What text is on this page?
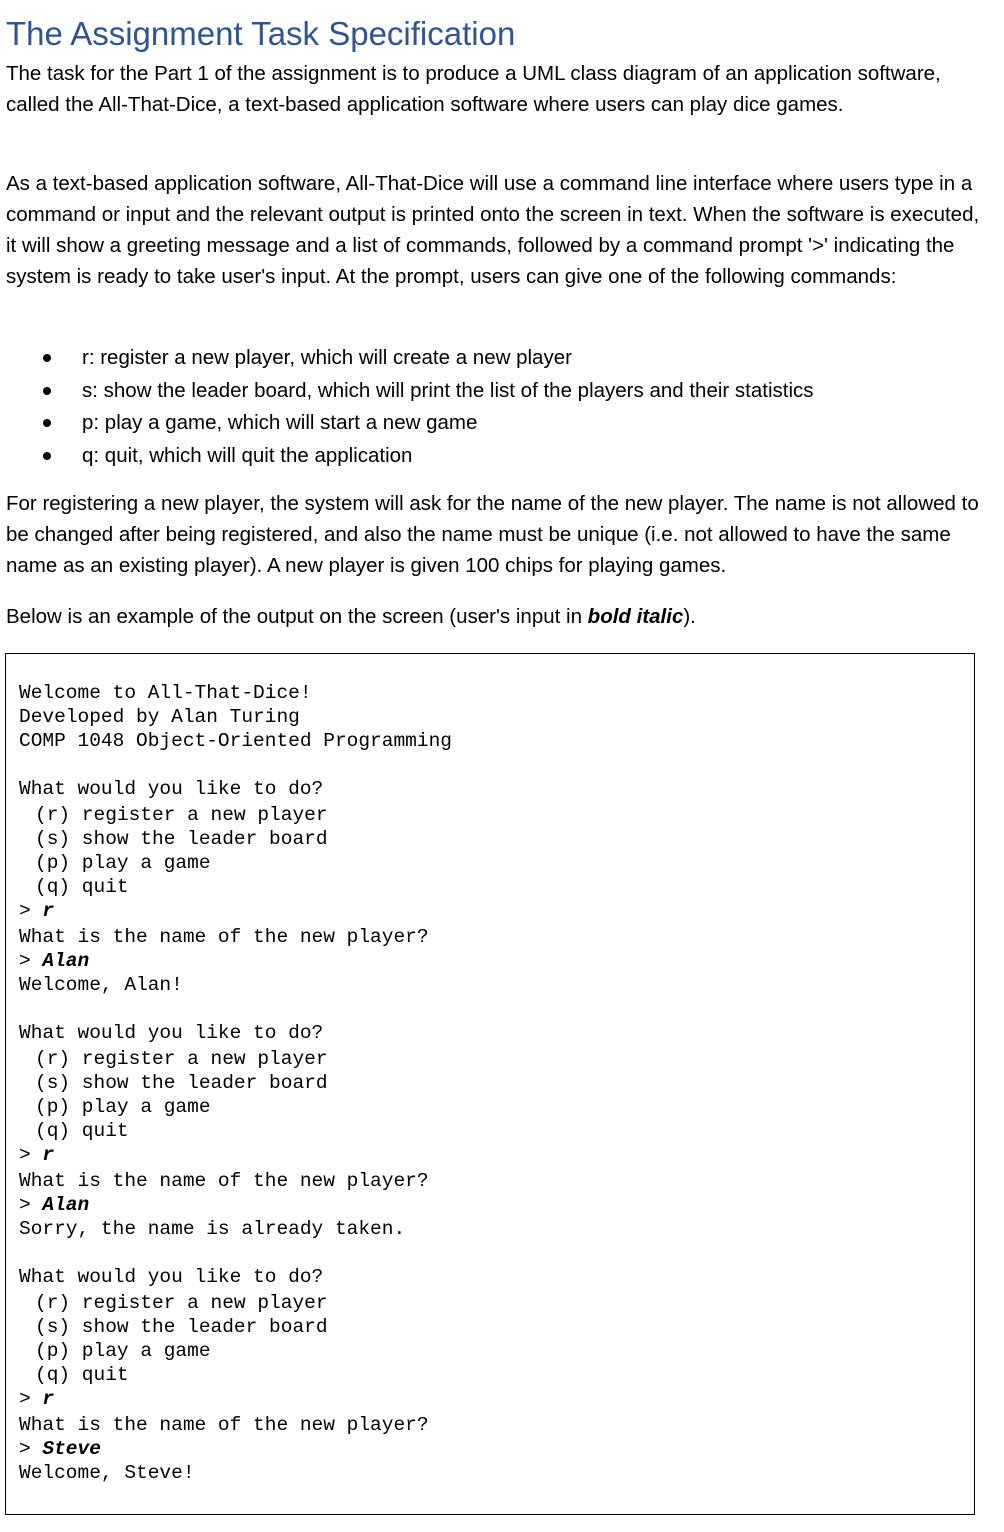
The Assignment Task Specification

The task for the Part 1 of the assignment is to produce a UML class diagram of an application software, called the All-That-Dice, a text-based application software where users can play dice games.

As a text-based application software, All-That-Dice will use a command line interface where users type in a command or input and the relevant output is printed onto the screen in text. When the software is executed, it will show a greeting message and a list of commands, followed by a command prompt '>' indicating the system is ready to take user's input. At the prompt, users can give one of the following commands:

r: register a new player, which will create a new player
s: show the leader board, which will print the list of the players and their statistics
p: play a game, which will start a new game
q: quit, which will quit the application

For registering a new player, the system will ask for the name of the new player. The name is not allowed to be changed after being registered, and also the name must be unique (i.e. not allowed to have the same name as an existing player). A new player is given 100 chips for playing games.

Below is an example of the output on the screen (user's input in bold italic).

Welcome to All-That-Dice!
Developed by Alan Turing
COMP 1048 Object-Oriented Programming
What would you like to do?
(r) register a new player
(s) show the leader board
(p) play a game
(q) quit
> r
What is the name of the new player?
> Alan
Welcome, Alan!
What would you like to do?
(r) register a new player
(s) show the leader board
(p) play a game
(q) quit
> r
What is the name of the new player?
> Alan
Sorry, the name is already taken.
What would you like to do?
(r) register a new player
(s) show the leader board
(p) play a game
(q) quit
> r
What is the name of the new player?
> Steve
Welcome, Steve!
